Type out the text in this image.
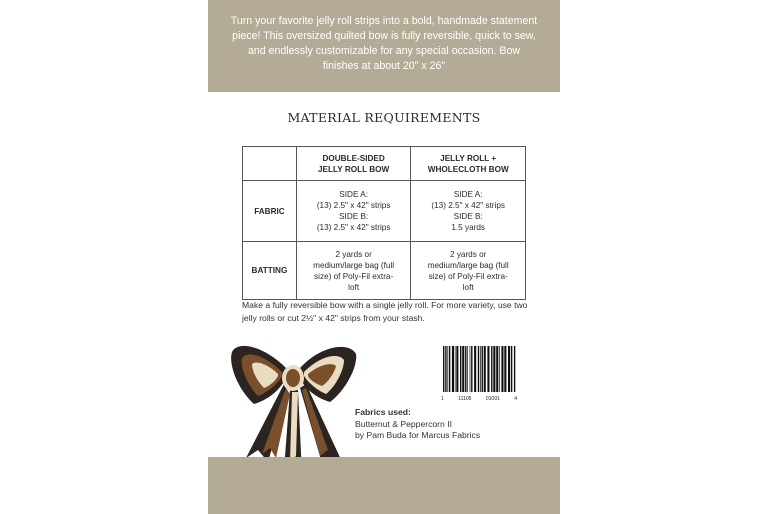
Turn your favorite jelly roll strips into a bold, handmade statement piece! This oversized quilted bow is fully reversible, quick to sew, and endlessly customizable for any special occasion. Bow finishes at about 20" x 26"

MATERIAL REQUIREMENTS

	DOUBLE-SIDED
JELLY ROLL BOW	JELLY ROLL +
WHOLECLOTH BOW

FABRIC	SIDE A:
(13) 2.5" x 42" strips
SIDE B:
(13) 2.5" x 42" strips	SIDE A:
(13) 2.5" x 42" strips
SIDE B:
1.5 yards

BATTING	2 yards or
medium/large bag (full
size) of Poly-Fil extra-
loft	2 yards or
medium/large bag (full
size) of Poly-Fil extra-
loft

Make a fully reversible bow with a single jelly roll. For more variety, use two jelly rolls or cut 2½" x 42" strips from your stash.

1	11105	01091	4
Fabrics used:
Butternut & Peppercorn II
by Pam Buda for Marcus Fabrics
